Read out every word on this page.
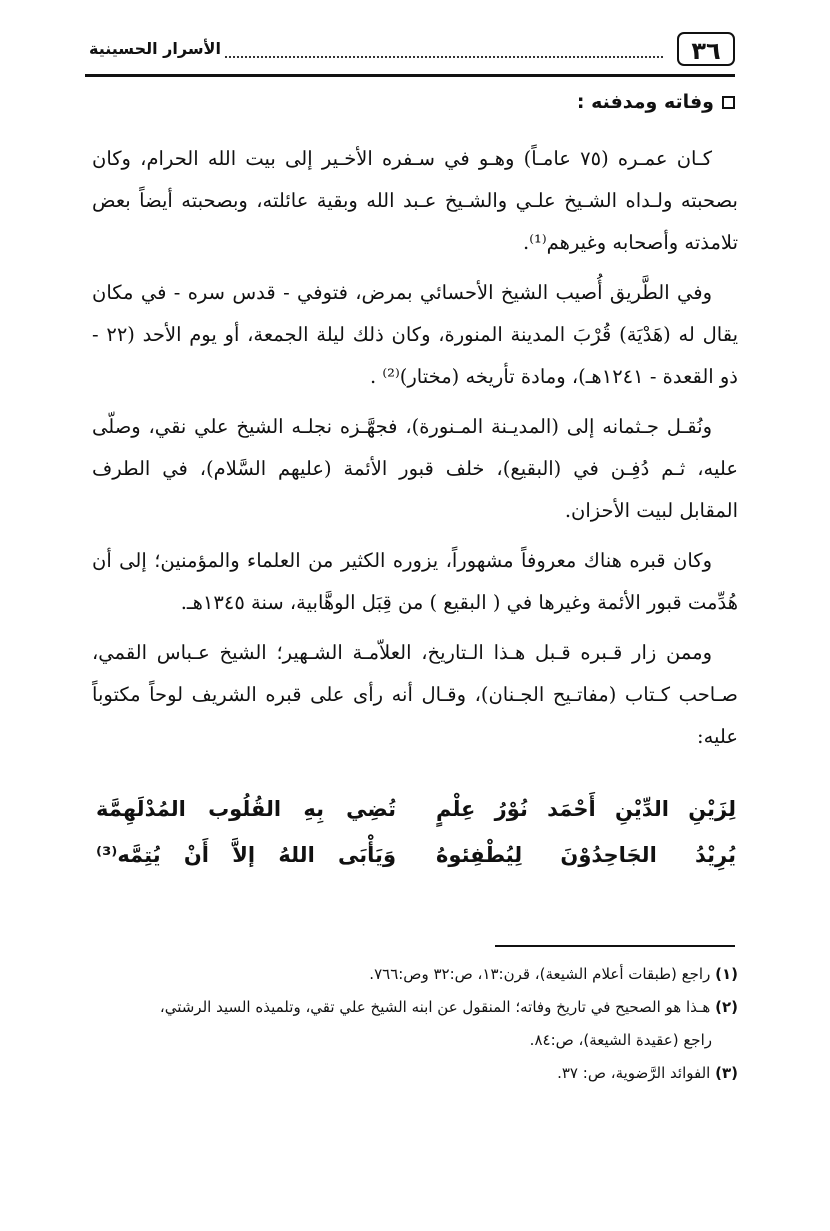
٣٦
الأسرار الحسينية
وفاته ومدفنه :

كـان عمـره (٧٥ عامـاً) وهـو في سـفره الأخـير إلى بيت الله الحرام، وكان بصحبته ولـداه الشـيخ علـي والشـيخ عـبد الله وبقية عائلته، وبصحبته أيضاً بعض تلامذته وأصحابه وغيرهم⁽¹⁾.

وفي الطَّريق أُصيب الشيخ الأحسائي بمرض، فتوفي - قدس سره - في مكان يقال له (هَدْيَة) قُرْبَ المدينة المنورة، وكان ذلك ليلة الجمعة، أو يوم الأحد (٢٢ - ذو القعدة - ١٢٤١هـ)، ومادة تأريخه (مختار)⁽²⁾ .

ونُقـل جـثمانه إلى (المديـنة المـنورة)، فجهَّـزه نجلـه الشيخ علي نقي، وصلّى عليه، ثـم دُفِـن في (البقيع)، خلف قبور الأئمة (عليهم السَّلام)، في الطرف المقابل لبيت الأحزان.

وكان قبره هناك معروفاً مشهوراً، يزوره الكثير من العلماء والمؤمنين؛ إلى أن هُدِّمت قبور الأئمة وغيرها في ( البقيع ) من قِبَل الوهَّابية، سنة ١٣٤٥هـ.

وممن زار قـبره قـبل هـذا الـتاريخ، العلاّمـة الشـهير؛ الشيخ عـباس القمي، صـاحب كـتاب (مفاتـيح الجـنان)، وقـال أنه رأى على قبره الشريف لوحاً مكتوباً عليه:

لِزَيْنِ الدِّيْنِ أَحْمَد نُوْرُ عِلْمٍ
تُضِي بِهِ القُلُوب المُدْلَهِمَّة
يُرِيْدُ الجَاحِدُوْنَ لِيُطْفِئوهُ
وَيَأْبَى اللهُ إلاَّ أَنْ يُتِمَّه⁽³⁾

(١) راجع (طبقات أعلام الشيعة)، قرن:١٣، ص:٣٢ وص:٧٦٦.

(٢) هـذا هو الصحيح في تاريخ وفاته؛ المنقول عن ابنه الشيخ علي تقي، وتلميذه السيد الرشتي،

راجع (عقيدة الشيعة)، ص:٨٤.

(٣) الفوائد الرَّضوية، ص: ٣٧.
